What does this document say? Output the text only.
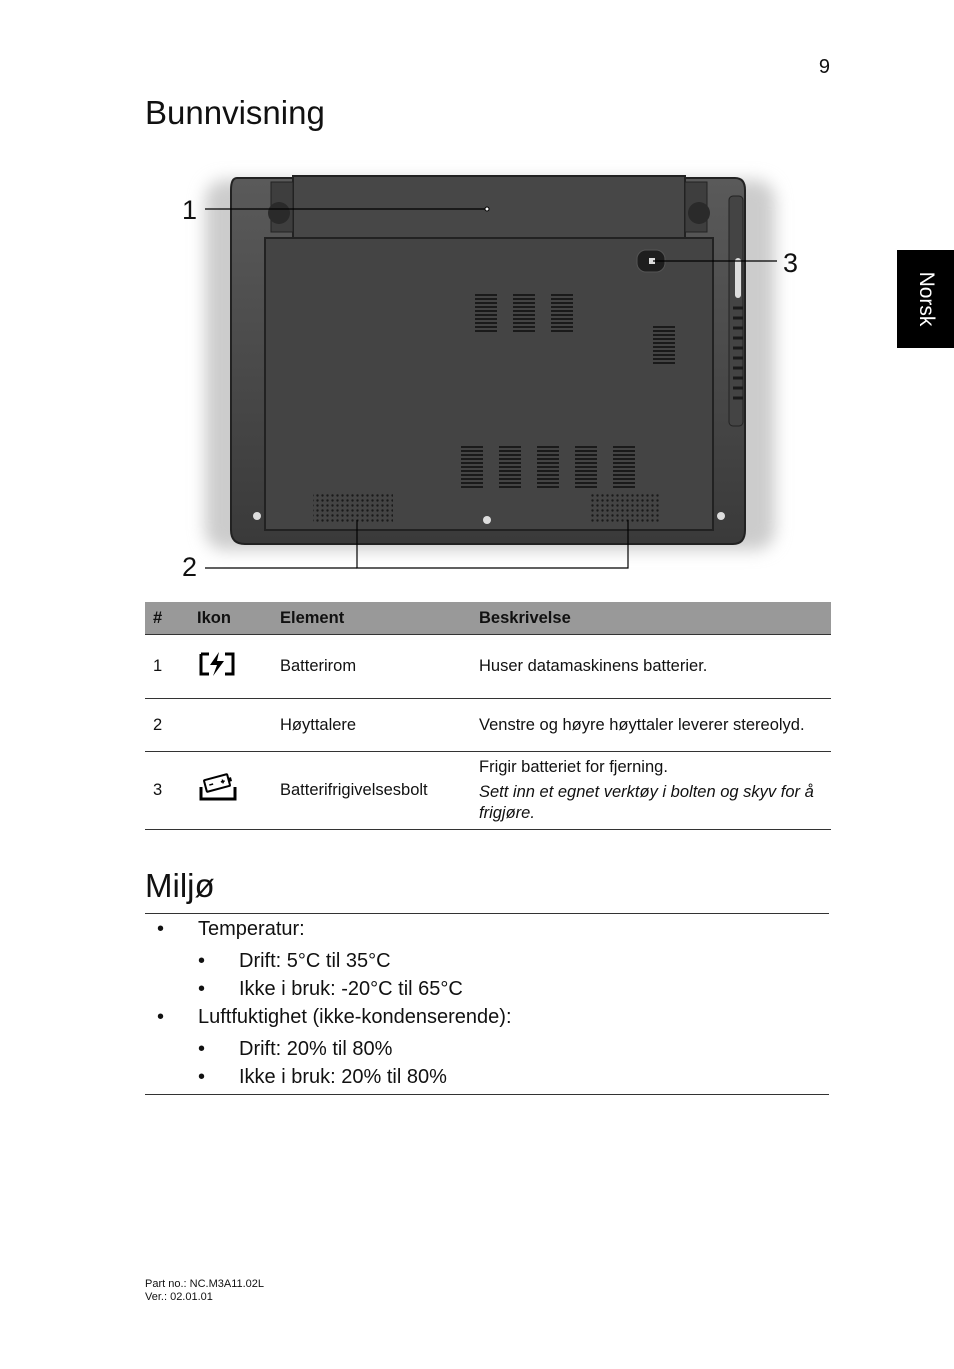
9
Bunnvisning
Norsk
1
2
3
#	Ikon	Element	Beskrivelse
1		Batterirom	Huser datamaskinens batterier.
2		Høyttalere	Venstre og høyre høyttaler leverer stereolyd.
3		Batterifrigivelsesbolt	Frigir batteriet for fjerning.
Sett inn et egnet verktøy i bolten og skyv for å frigjøre.
Miljø
• Temperatur:
• Drift: 5°C til 35°C
• Ikke i bruk: -20°C til 65°C
• Luftfuktighet (ikke-kondenserende):
• Drift: 20% til 80%
• Ikke i bruk: 20% til 80%
Part no.: NC.M3A11.02L
Ver.: 02.01.01
